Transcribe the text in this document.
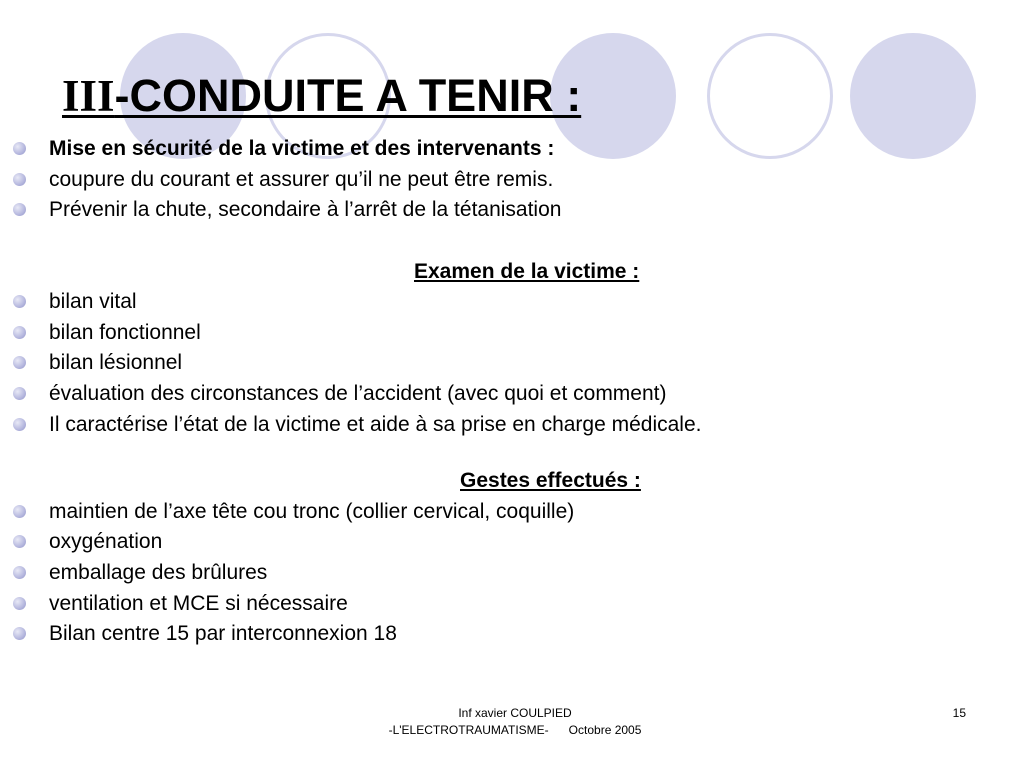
III-CONDUITE A TENIR :
Mise en sécurité de la victime et des intervenants :
coupure du courant et assurer qu’il ne peut être remis.
Prévenir la chute, secondaire à l’arrêt de la tétanisation
Examen de la victime :
bilan vital
bilan fonctionnel
bilan lésionnel
évaluation des circonstances de l’accident (avec quoi et comment)
Il caractérise l’état de la victime et aide à sa prise en charge médicale.
Gestes effectués :
maintien de l’axe tête cou tronc (collier cervical, coquille)
oxygénation
emballage des brûlures
ventilation et MCE si nécessaire
Bilan centre 15 par interconnexion 18
Inf xavier COULPIED
-L'ELECTROTRAUMATISME-      Octobre 2005
15
